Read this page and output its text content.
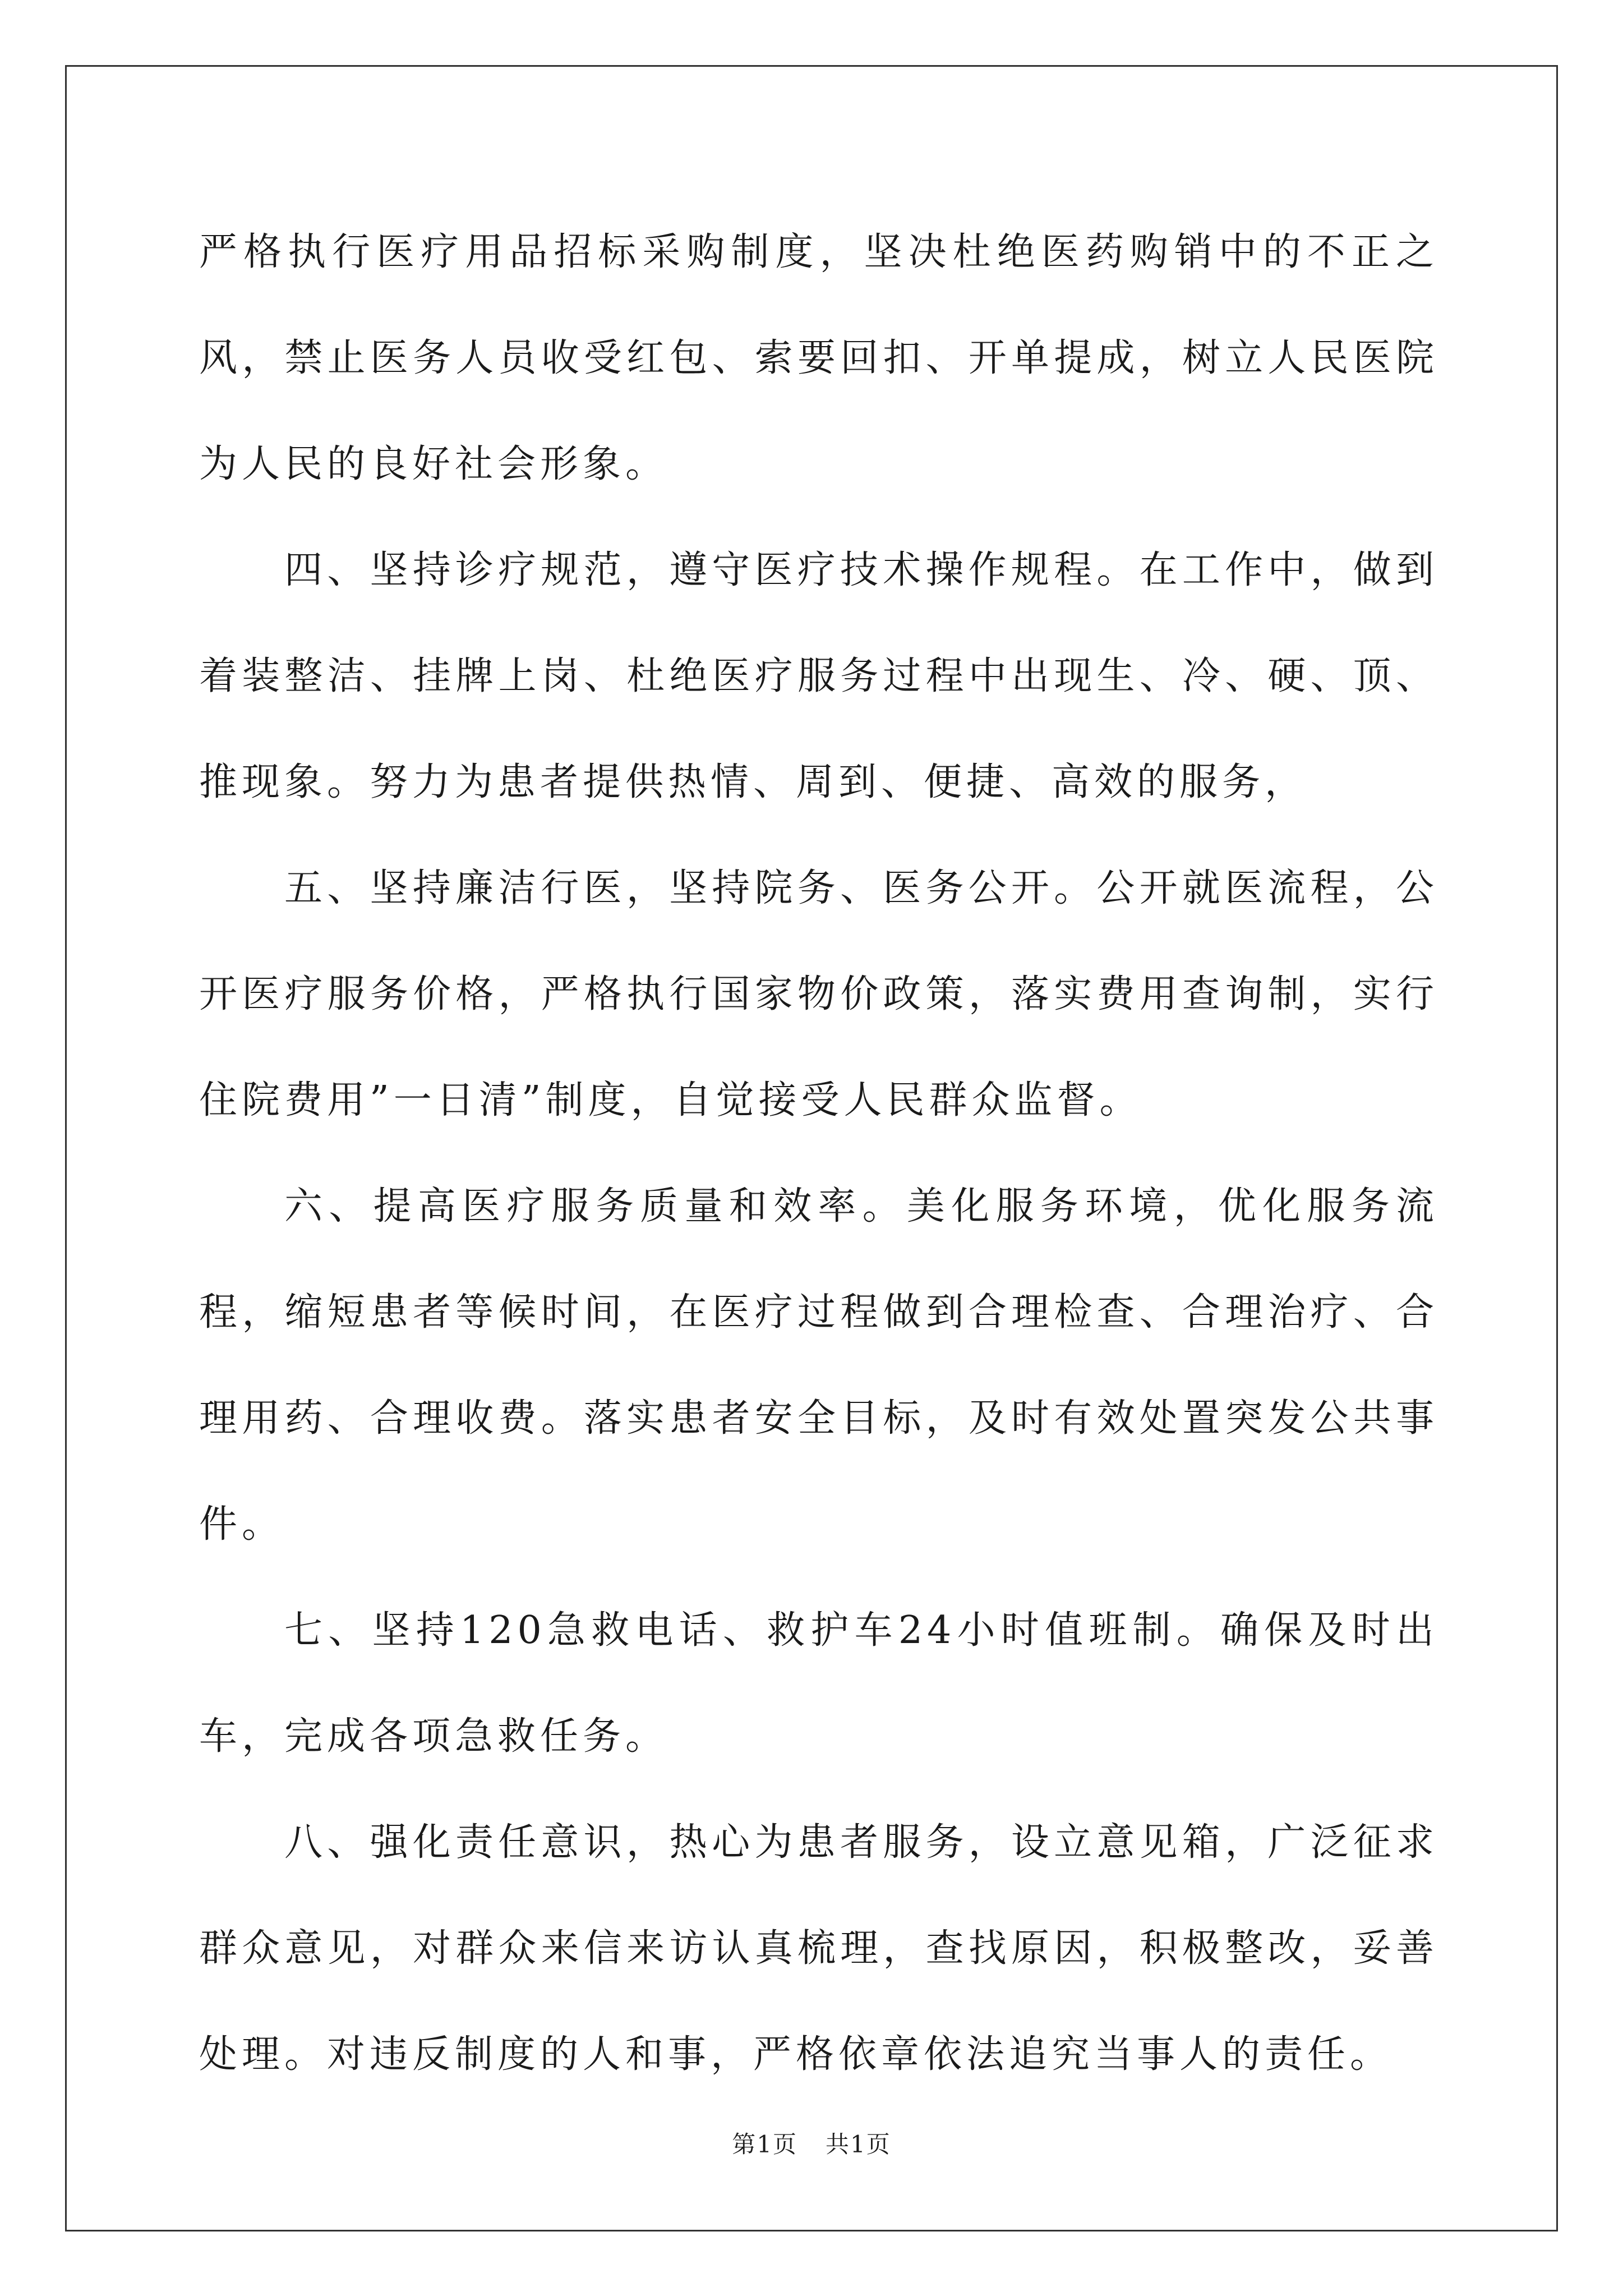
严格执行医疗用品招标采购制度，坚决杜绝医药购销中的不正之风，禁止医务人员收受红包、索要回扣、开单提成，树立人民医院为人民的良好社会形象。

四、坚持诊疗规范，遵守医疗技术操作规程。在工作中，做到着装整洁、挂牌上岗、杜绝医疗服务过程中出现生、冷、硬、顶、推现象。努力为患者提供热情、周到、便捷、高效的服务，

五、坚持廉洁行医，坚持院务、医务公开。公开就医流程，公开医疗服务价格，严格执行国家物价政策，落实费用查询制，实行住院费用”一日清”制度，自觉接受人民群众监督。

六、提高医疗服务质量和效率。美化服务环境，优化服务流程，缩短患者等候时间，在医疗过程做到合理检查、合理治疗、合理用药、合理收费。落实患者安全目标，及时有效处置突发公共事件。

七、坚持120急救电话、救护车24小时值班制。确保及时出车，完成各项急救任务。

八、强化责任意识，热心为患者服务，设立意见箱，广泛征求群众意见，对群众来信来访认真梳理，查找原因，积极整改，妥善处理。对违反制度的人和事，严格依章依法追究当事人的责任。

第1页 共1页
